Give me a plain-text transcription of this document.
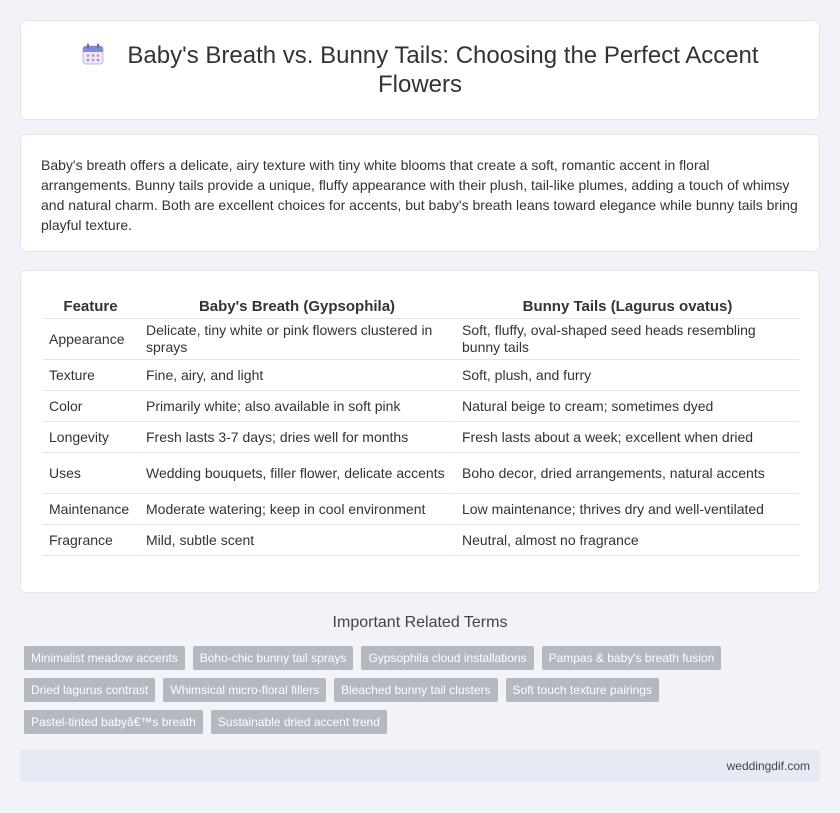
Baby's Breath vs. Bunny Tails: Choosing the Perfect Accent Flowers

Baby's breath offers a delicate, airy texture with tiny white blooms that create a soft, romantic accent in floral arrangements. Bunny tails provide a unique, fluffy appearance with their plush, tail-like plumes, adding a touch of whimsy and natural charm. Both are excellent choices for accents, but baby's breath leans toward elegance while bunny tails bring playful texture.

Feature	Baby's Breath (Gypsophila)	Bunny Tails (Lagurus ovatus)
Appearance	Delicate, tiny white or pink flowers clustered in sprays	Soft, fluffy, oval-shaped seed heads resembling bunny tails
Texture	Fine, airy, and light	Soft, plush, and furry
Color	Primarily white; also available in soft pink	Natural beige to cream; sometimes dyed
Longevity	Fresh lasts 3-7 days; dries well for months	Fresh lasts about a week; excellent when dried
Uses	Wedding bouquets, filler flower, delicate accents	Boho decor, dried arrangements, natural accents
Maintenance	Moderate watering; keep in cool environment	Low maintenance; thrives dry and well-ventilated
Fragrance	Mild, subtle scent	Neutral, almost no fragrance
Important Related Terms
Minimalist meadow accents	Boho-chic bunny tail sprays	Gypsophila cloud installations	Pampas & baby's breath fusion
Dried lagurus contrast	Whimsical micro-floral fillers	Bleached bunny tail clusters	Soft touch texture pairings
Pastel-tinted babyâ€™s breath	Sustainable dried accent trend
weddingdif.com
